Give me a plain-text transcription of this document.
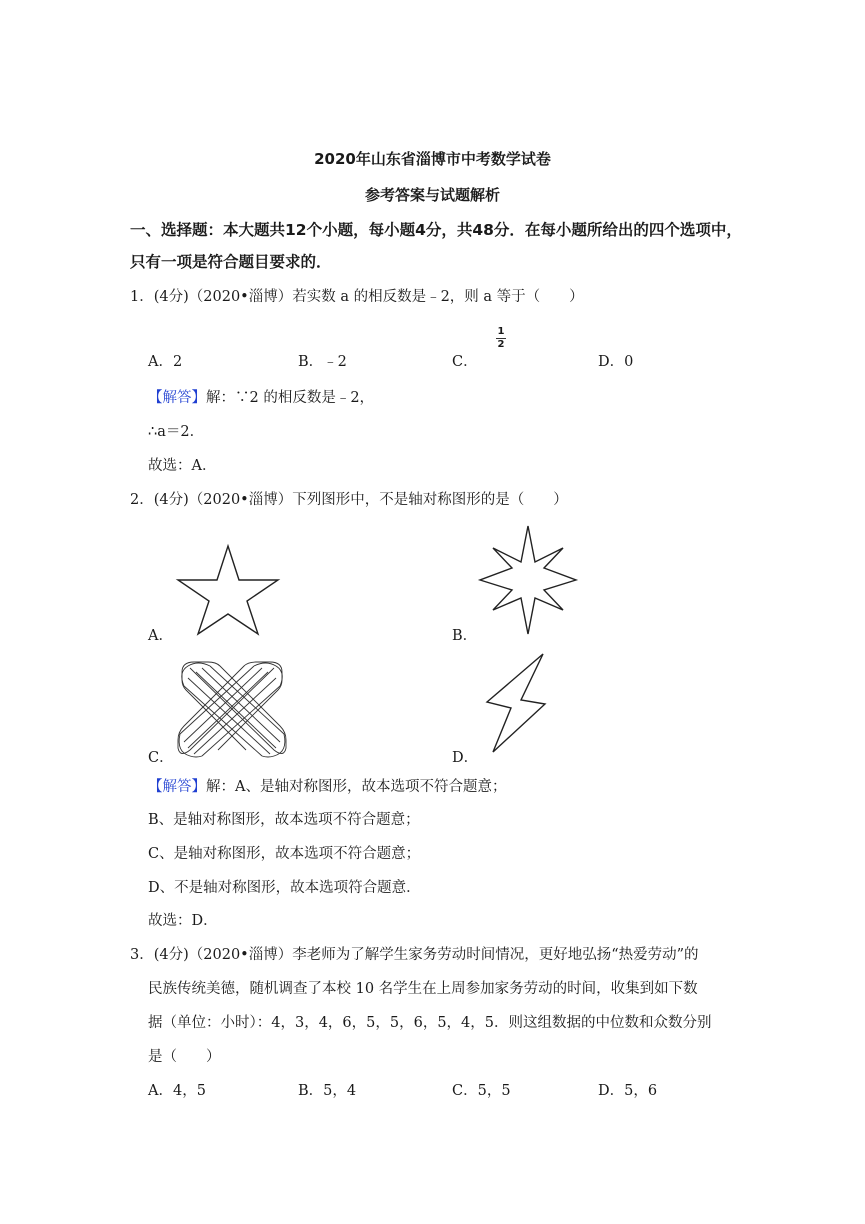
2020年山东省淄博市中考数学试卷
参考答案与试题解析
一、选择题：本大题共12个小题，每小题4分，共48分．在每小题所给出的四个选项中，
只有一项是符合题目要求的．
1．(4分)（2020•淄博）若实数 a 的相反数是﹣2，则 a 等于（　　）
A．2	B．﹣2	C．
1
2
D．0
【解答】解：∵2 的相反数是﹣2，
∴a＝2．
故选：A．
2．(4分)（2020•淄博）下列图形中，不是轴对称图形的是（　　）
A．	B．
C．	D．
【解答】解：A、是轴对称图形，故本选项不符合题意；
B、是轴对称图形，故本选项不符合题意；
C、是轴对称图形，故本选项不符合题意；
D、不是轴对称图形，故本选项符合题意．
故选：D．
3．(4分)（2020•淄博）李老师为了解学生家务劳动时间情况，更好地弘扬“热爱劳动”的
民族传统美德，随机调查了本校 10 名学生在上周参加家务劳动的时间，收集到如下数
据（单位：小时）：4，3，4，6，5，5，6，5，4，5．则这组数据的中位数和众数分别
是（　　）
A．4，5	B．5，4	C．5，5	D．5，6
